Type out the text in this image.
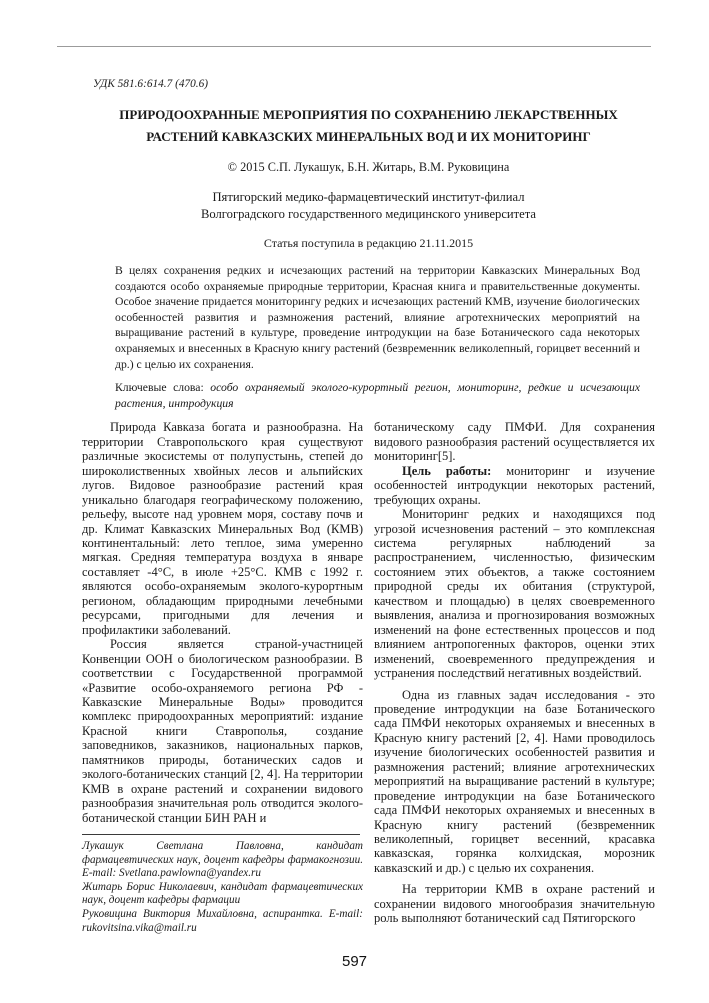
УДК 581.6:614.7 (470.6)
ПРИРОДООХРАННЫЕ МЕРОПРИЯТИЯ ПО СОХРАНЕНИЮ ЛЕКАРСТВЕННЫХ
РАСТЕНИЙ КАВКАЗСКИХ МИНЕРАЛЬНЫХ ВОД И ИХ МОНИТОРИНГ
© 2015 С.П. Лукашук, Б.Н. Житарь, В.М. Руковицина
Пятигорский медико-фармацевтический институт-филиал
Волгоградского государственного медицинского университета
Статья поступила в редакцию 21.11.2015
В целях сохранения редких и исчезающих растений на территории Кавказских Минеральных Вод создаются особо охраняемые природные территории, Красная книга и правительственные документы. Особое значение придается мониторингу редких и исчезающих растений КМВ, изучение биологических особенностей развития и размножения растений, влияние агротехнических мероприятий на выращивание растений в культуре, проведение интродукции на базе Ботанического сада некоторых охраняемых и внесенных в Красную книгу растений (безвременник великолепный, горицвет весенний и др.) с целью их сохранения.
Ключевые слова: особо охраняемый эколого-курортный регион, мониторинг, редкие и исчезающих растения, интродукция

Природа Кавказа богата и разнообразна. На территории Ставропольского края существуют различные экосистемы от полупустынь, степей до широколиственных хвойных лесов и альпийских лугов. Видовое разнообразие растений края уникально благодаря географическому положению, рельефу, высоте над уровнем моря, составу почв и др. Климат Кавказских Минеральных Вод (КМВ) континентальный: лето теплое, зима умеренно мягкая. Средняя температура воздуха в январе составляет -4°С, в июле +25°С. КМВ с 1992 г. являются особо-охраняемым эколого-курортным регионом, обладающим природными лечебными ресурсами, пригодными для лечения и профилактики заболеваний.

Россия является страной-участницей Конвенции ООН о биологическом разнообразии. В соответствии с Государственной программой «Развитие особо-охраняемого региона РФ - Кавказские Минеральные Воды» проводится комплекс природоохранных мероприятий: издание Красной книги Ставрополья, создание заповедников, заказников, национальных парков, памятников природы, ботанических садов и эколого-ботанических станций [2, 4]. На территории КМВ в охране растений и сохранении видового разнообразия значительная роль отводится эколого-ботанической станции БИН РАН и

Лукашук Светлана Павловна, кандидат фармацевтических наук, доцент кафедры фармакогнозии. E-mail: Svetlana.pawlowna@yandex.ru

Житарь Борис Николаевич, кандидат фармацевтических наук, доцент кафедры фармации

Руковицина Виктория Михайловна, аспирантка. E-mail: rukovitsina.vika@mail.ru

ботаническому саду ПМФИ. Для сохранения видового разнообразия растений осуществляется их мониторинг[5].

Цель работы: мониторинг и изучение особенностей интродукции некоторых растений, требующих охраны.

Мониторинг редких и находящихся под угрозой исчезновения растений – это комплексная система регулярных наблюдений за распространением, численностью, физическим состоянием этих объектов, а также состоянием природной среды их обитания (структурой, качеством и площадью) в целях своевременного выявления, анализа и прогнозирования возможных изменений на фоне естественных процессов и под влиянием антропогенных факторов, оценки этих изменений, своевременного предупреждения и устранения последствий негативных воздействий.

Одна из главных задач исследования - это проведение интродукции на базе Ботанического сада ПМФИ некоторых охраняемых и внесенных в Красную книгу растений [2, 4]. Нами проводилось изучение биологических особенностей развития и размножения растений; влияние агротехнических мероприятий на выращивание растений в культуре; проведение интродукции на базе Ботанического сада ПМФИ некоторых охраняемых и внесенных в Красную книгу растений (безвременник великолепный, горицвет весенний, красавка кавказская, горянка колхидская, морозник кавказский и др.) с целью их сохранения.

На территории КМВ в охране растений и сохранении видового многообразия значительную роль выполняют ботанический сад Пятигорского

597
